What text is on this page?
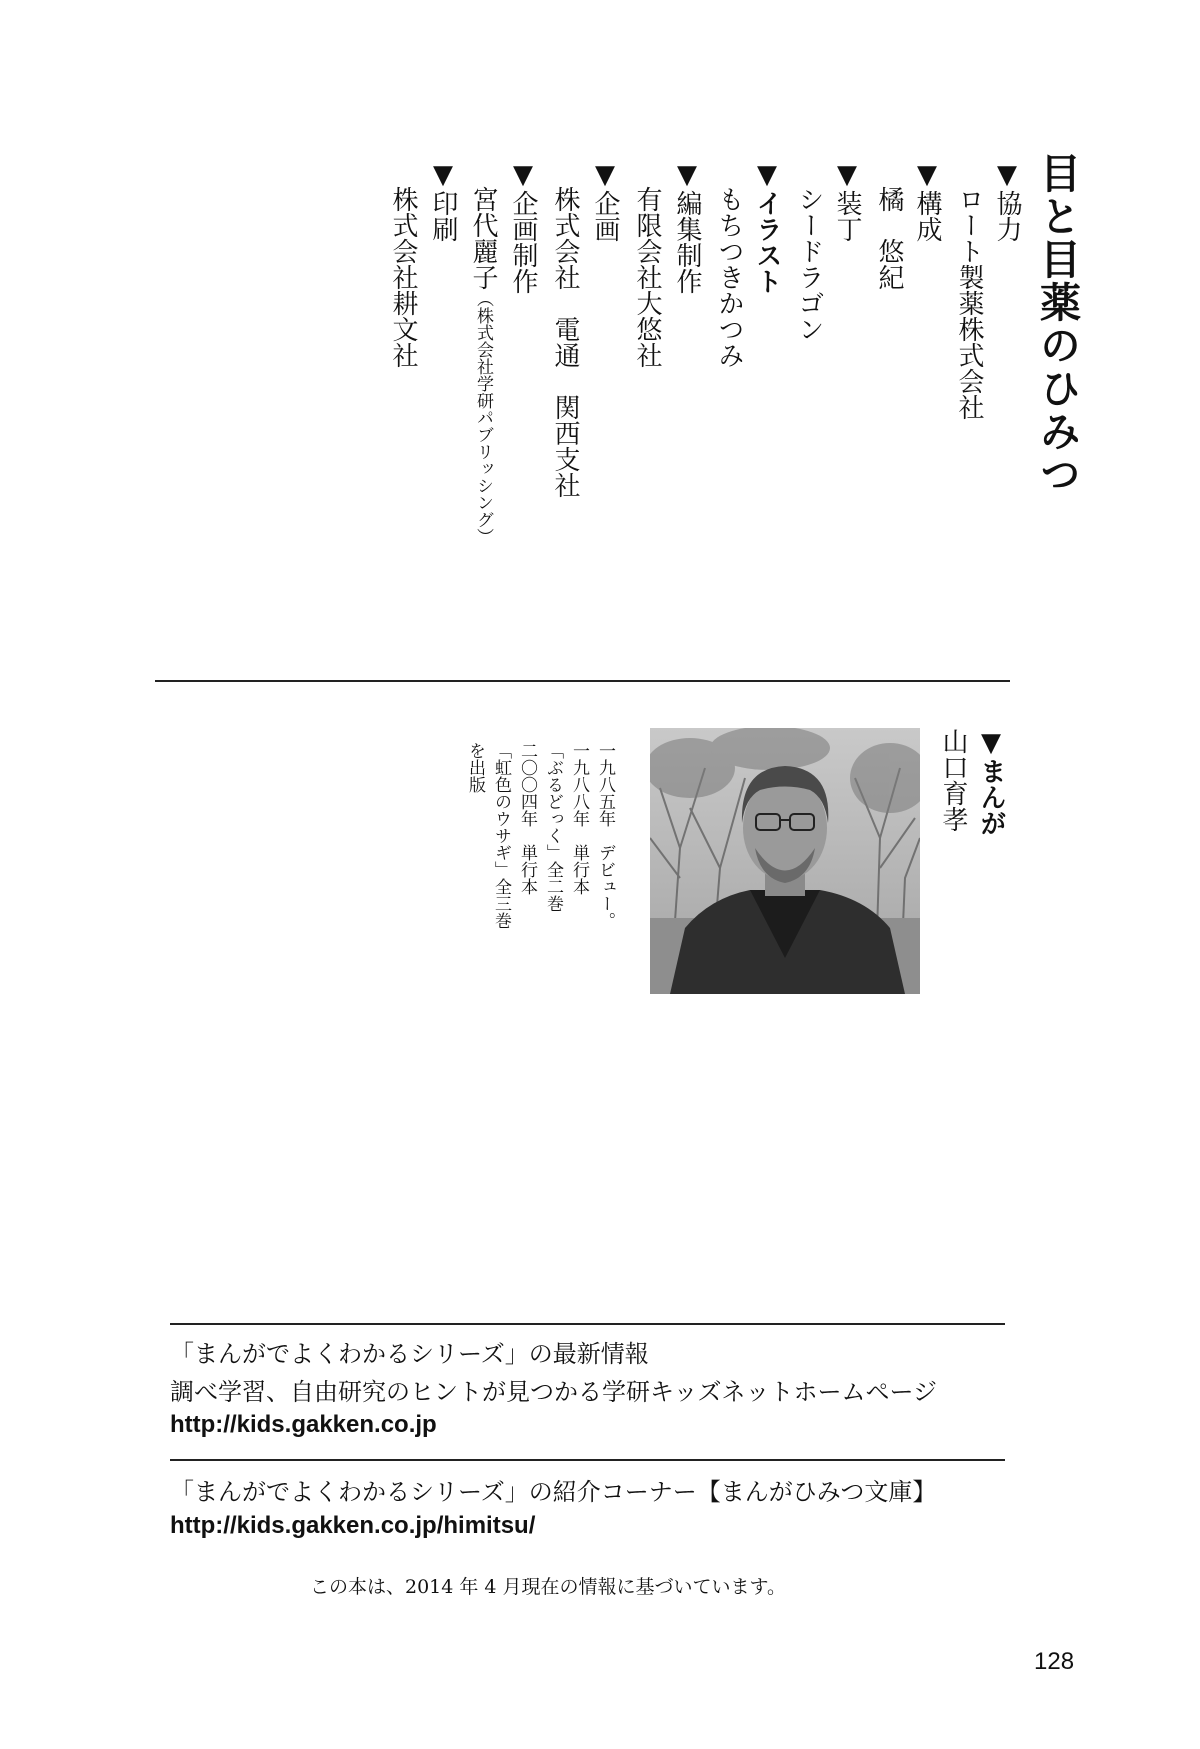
目と目薬のひみつ
▼協力
ロート製薬株式会社
▼構成
橘　悠紀
▼装丁
シードラゴン
▼イラスト
もちつきかつみ
▼編集制作
有限会社大悠社
▼企画
株式会社　電通　関西支社
▼企画制作
宮代麗子（株式会社学研パブリッシング）
▼印刷
株式会社耕文社
▼まんが
山口育孝
一九八五年　デビュー。
一九八八年　単行本
「ぶるどっく」全二巻
二〇〇四年　単行本
「虹色のウサギ」全三巻
を出版
「まんがでよくわかるシリーズ」の最新情報
調べ学習、自由研究のヒントが見つかる学研キッズネットホームページ
http://kids.gakken.co.jp
「まんがでよくわかるシリーズ」の紹介コーナー【まんがひみつ文庫】
http://kids.gakken.co.jp/himitsu/
この本は、2014 年 4 月現在の情報に基づいています。
128
